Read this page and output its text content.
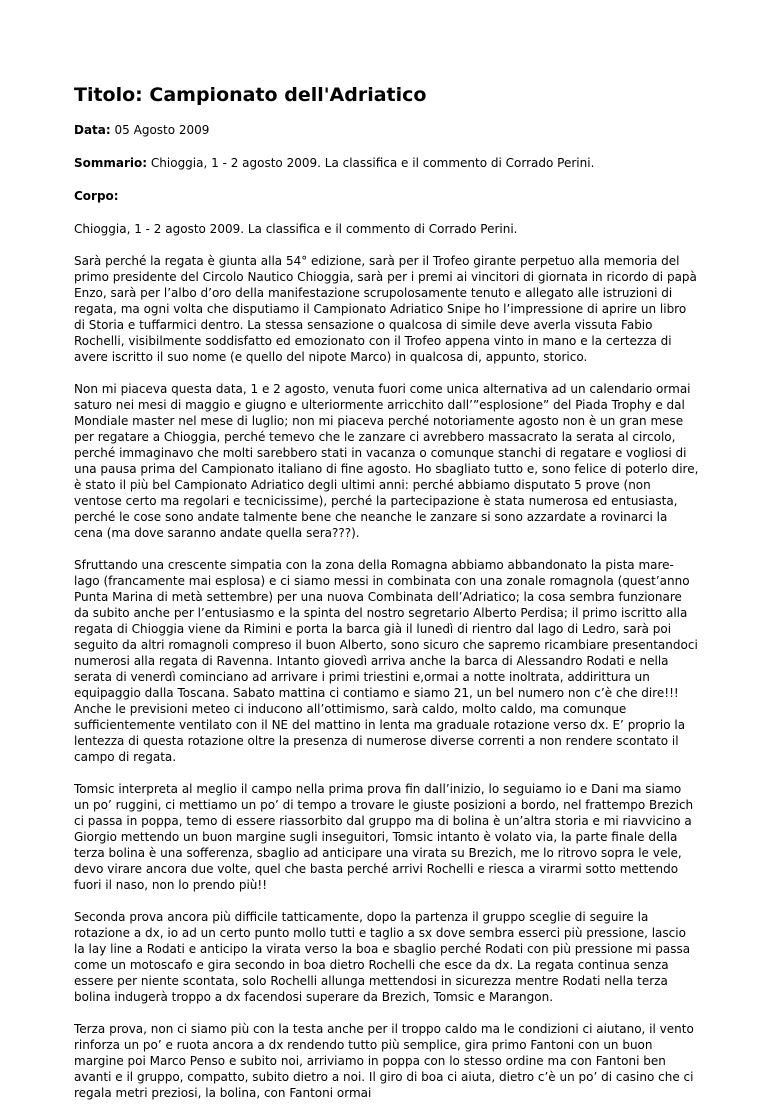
Titolo: Campionato dell'Adriatico
Data: 05 Agosto 2009
Sommario: Chioggia, 1 - 2 agosto 2009. La classifica e il commento di Corrado Perini.
Corpo:

Chioggia, 1 - 2 agosto 2009. La classifica e il commento di Corrado Perini.

Sarà perché la regata è giunta alla 54° edizione, sarà per il Trofeo girante perpetuo alla memoria del primo presidente del Circolo Nautico Chioggia, sarà per i premi ai vincitori di giornata in ricordo di papà Enzo, sarà per l’albo d’oro della manifestazione scrupolosamente tenuto e allegato alle istruzioni di regata, ma ogni volta che disputiamo il Campionato Adriatico Snipe ho l’impressione di aprire un libro di Storia e tuffarmici dentro. La stessa sensazione o qualcosa di simile deve averla vissuta Fabio Rochelli, visibilmente soddisfatto ed emozionato con il Trofeo appena vinto in mano e la certezza di avere iscritto il suo nome (e quello del nipote Marco) in qualcosa di, appunto, storico.

Non mi piaceva questa data, 1 e 2 agosto, venuta fuori come unica alternativa ad un calendario ormai saturo nei mesi di maggio e giugno e ulteriormente arricchito dall’”esplosione” del Piada Trophy e dal Mondiale master nel mese di luglio; non mi piaceva perché notoriamente agosto non è un gran mese per regatare a Chioggia, perché temevo che le zanzare ci avrebbero massacrato la serata al circolo, perché immaginavo che molti sarebbero stati in vacanza o comunque stanchi di regatare e vogliosi di una pausa prima del Campionato italiano di fine agosto. Ho sbagliato tutto e, sono felice di poterlo dire, è stato il più bel Campionato Adriatico degli ultimi anni: perché abbiamo disputato 5 prove (non ventose certo ma regolari e tecnicissime), perché la partecipazione è stata numerosa ed entusiasta, perché le cose sono andate talmente bene che neanche le zanzare si sono azzardate a rovinarci la cena (ma dove saranno andate quella sera???).

Sfruttando una crescente simpatia con la zona della Romagna abbiamo abbandonato la pista mare-lago (francamente mai esplosa) e ci siamo messi in combinata con una zonale romagnola (quest’anno Punta Marina di metà settembre) per una nuova Combinata dell’Adriatico; la cosa sembra funzionare da subito anche per l’entusiasmo e la spinta del nostro segretario Alberto Perdisa; il primo iscritto alla regata di Chioggia viene da Rimini e porta la barca già il lunedì di rientro dal lago di Ledro, sarà poi seguito da altri romagnoli compreso il buon Alberto, sono sicuro che sapremo ricambiare presentandoci numerosi alla regata di Ravenna. Intanto giovedì arriva anche la barca di Alessandro Rodati e nella serata di venerdì cominciano ad arrivare i primi triestini e,ormai a notte inoltrata, addirittura un equipaggio dalla Toscana. Sabato mattina ci contiamo e siamo 21, un bel numero non c’è che dire!!! Anche le previsioni meteo ci inducono all’ottimismo, sarà caldo, molto caldo, ma comunque sufficientemente ventilato con il NE del mattino in lenta ma graduale rotazione verso dx. E’ proprio la lentezza di questa rotazione oltre la presenza di numerose diverse correnti a non rendere scontato il campo di regata.

Tomsic interpreta al meglio il campo nella prima prova fin dall’inizio, lo seguiamo io e Dani ma siamo un po’ ruggini, ci mettiamo un po’ di tempo a trovare le giuste posizioni a bordo, nel frattempo Brezich ci passa in poppa, temo di essere riassorbito dal gruppo ma di bolina è un’altra storia e mi riavvicino a Giorgio mettendo un buon margine sugli inseguitori, Tomsic intanto è volato via, la parte finale della terza bolina è una sofferenza, sbaglio ad anticipare una virata su Brezich, me lo ritrovo sopra le vele, devo virare ancora due volte, quel che basta perché arrivi Rochelli e riesca a virarmi sotto mettendo fuori il naso, non lo prendo più!!

Seconda prova ancora più difficile tatticamente, dopo la partenza il gruppo sceglie di seguire la rotazione a dx, io ad un certo punto mollo tutti e taglio a sx dove sembra esserci più pressione, lascio la lay line a Rodati e anticipo la virata verso la boa e sbaglio perché Rodati con più pressione mi passa come un motoscafo e gira secondo in boa dietro Rochelli che esce da dx. La regata continua senza essere per niente scontata, solo Rochelli allunga mettendosi in sicurezza mentre Rodati nella terza bolina indugerà troppo a dx facendosi superare da Brezich, Tomsic e Marangon.

Terza prova, non ci siamo più con la testa anche per il troppo caldo ma le condizioni ci aiutano, il vento rinforza un po’ e ruota ancora a dx rendendo tutto più semplice, gira primo Fantoni con un buon margine poi Marco Penso e subito noi, arriviamo in poppa con lo stesso ordine ma con Fantoni ben avanti e il gruppo, compatto, subito dietro a noi. Il giro di boa ci aiuta, dietro c’è un po’ di casino che ci regala metri preziosi, la bolina, con Fantoni ormai
